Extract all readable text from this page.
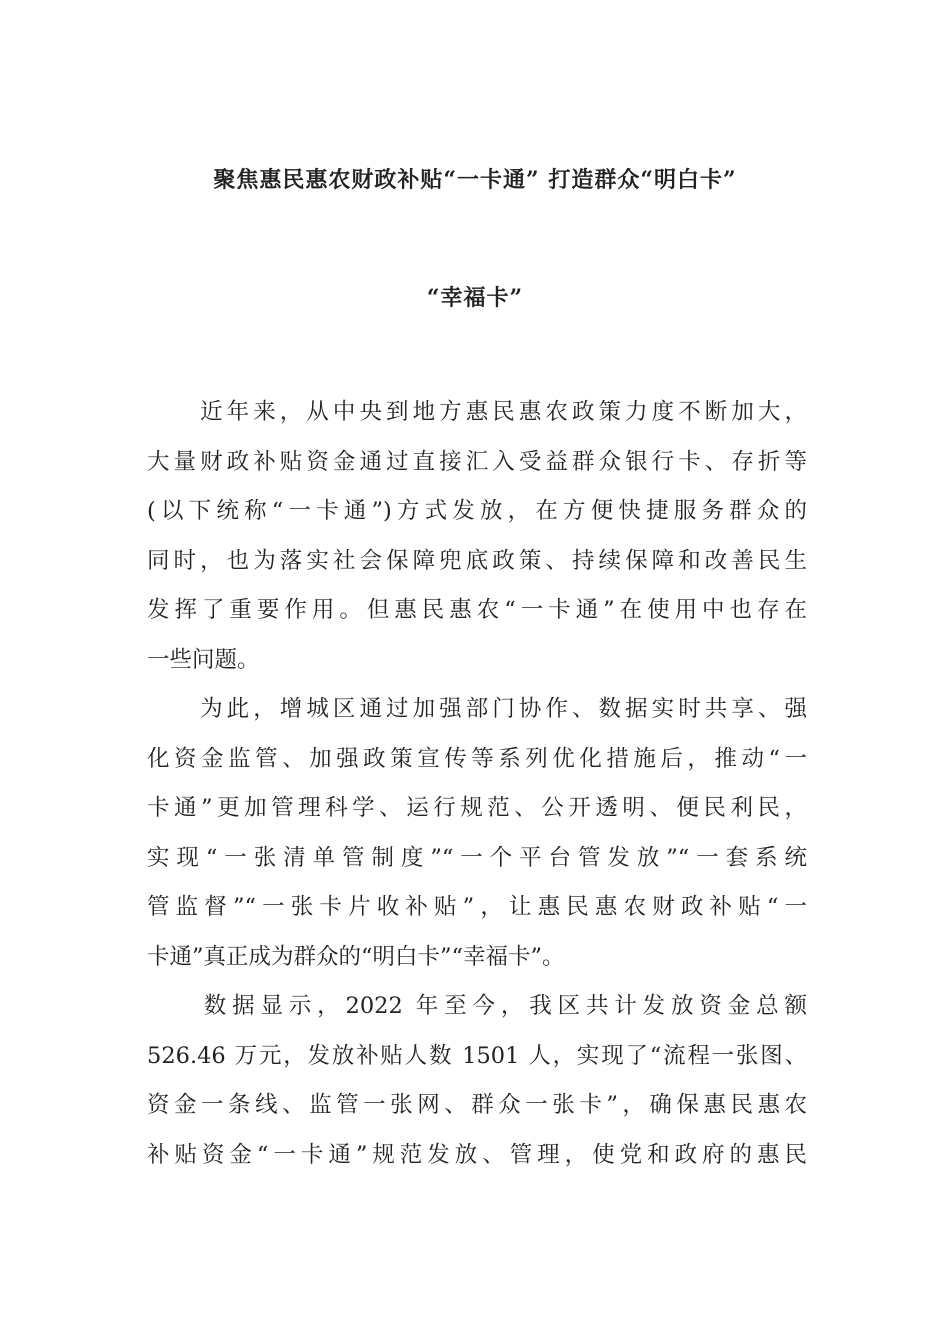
聚焦惠民惠农财政补贴“一卡通” 打造群众“明白卡”
“幸福卡”
　　近年来，从中央到地方惠民惠农政策力度不断加大，
大量财政补贴资金通过直接汇入受益群众银行卡、存折等
(以下统称“一卡通”)方式发放，在方便快捷服务群众的
同时，也为落实社会保障兜底政策、持续保障和改善民生
发挥了重要作用。但惠民惠农“一卡通”在使用中也存在
一些问题。
　　为此，增城区通过加强部门协作、数据实时共享、强
化资金监管、加强政策宣传等系列优化措施后，推动“一
卡通”更加管理科学、运行规范、公开透明、便民利民，
实现“一张清单管制度”“一个平台管发放”“一套系统
管监督”“一张卡片收补贴”，让惠民惠农财政补贴“一
卡通”真正成为群众的“明白卡”“幸福卡”。
　　数据显示，2022 年至今，我区共计发放资金总额
526.46 万元，发放补贴人数 1501 人，实现了“流程一张图、
资金一条线、监管一张网、群众一张卡”，确保惠民惠农
补贴资金“一卡通”规范发放、管理，使党和政府的惠民
